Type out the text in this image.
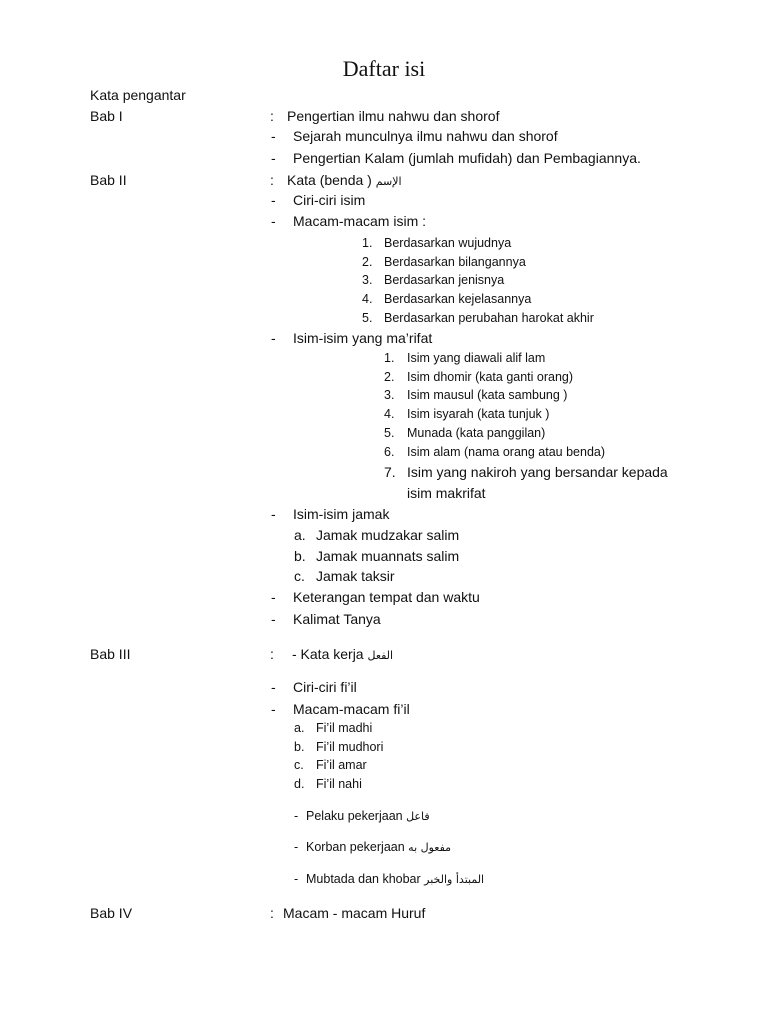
Daftar isi
Kata pengantar
Bab I	: Pengertian ilmu nahwu dan shorof
- Sejarah munculnya ilmu nahwu dan shorof
- Pengertian Kalam (jumlah mufidah) dan Pembagiannya.
Bab II	: Kata (benda ) الإسم
- Ciri-ciri isim
- Macam-macam isim :
1. Berdasarkan wujudnya
2. Berdasarkan bilangannya
3. Berdasarkan jenisnya
4. Berdasarkan kejelasannya
5. Berdasarkan perubahan harokat akhir
- Isim-isim yang ma’rifat
1. Isim yang diawali alif lam
2. Isim dhomir (kata ganti orang)
3. Isim mausul (kata sambung )
4. Isim isyarah (kata tunjuk )
5. Munada (kata panggilan)
6. Isim alam (nama orang atau benda)
7. Isim yang nakiroh yang bersandar kepada
isim makrifat
- Isim-isim jamak
a. Jamak mudzakar salim
b. Jamak muannats salim
c. Jamak taksir
- Keterangan tempat dan waktu
- Kalimat Tanya
Bab III	: - Kata kerja الفعل
- Ciri-ciri fi’il
- Macam-macam fi’il
a. Fi’il madhi
b. Fi’il mudhori
c. Fi’il amar
d. Fi’il nahi
- Pelaku pekerjaan فاعل
- Korban pekerjaan مفعول به
- Mubtada dan khobar المبتدأ والخبر
Bab IV	: Macam - macam Huruf
